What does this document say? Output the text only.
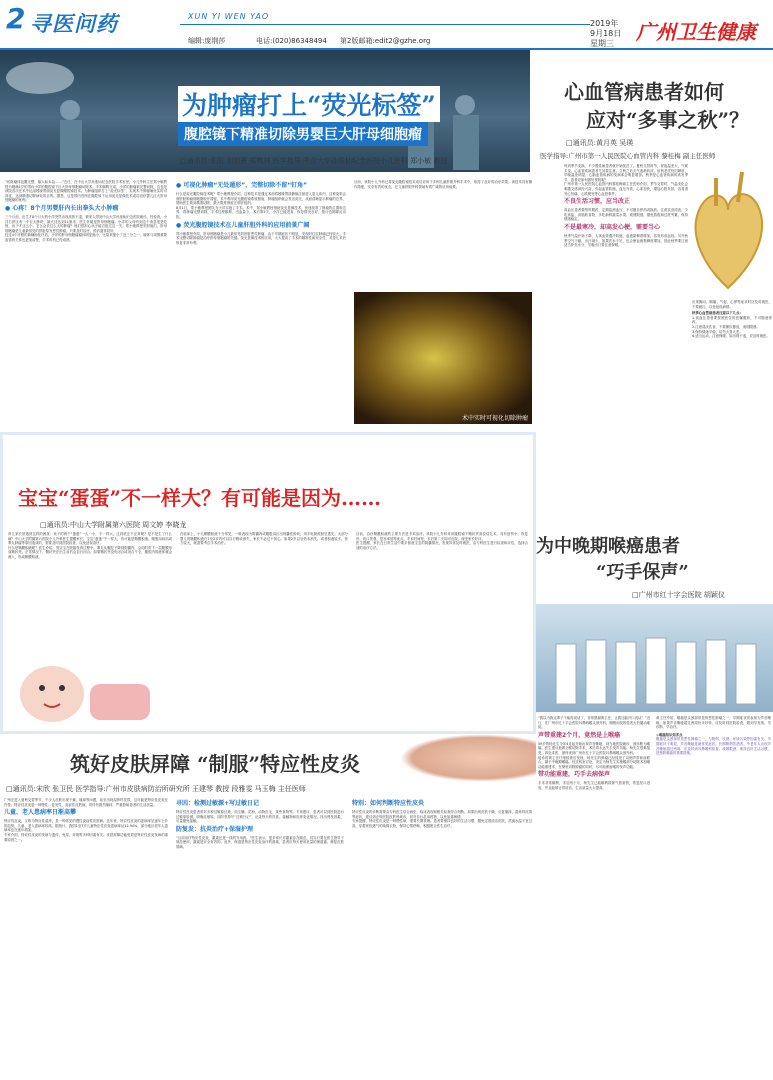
2 寻医问药	XUN YI WEN YAO
编辑:庞荆莎	电话:(020)86348494 第2版邮箱:edit2@gzhe.org
2019年
9月18日
星期三 广州卫生健康
为肿瘤打上“荧光标签”
腹腔镜下精准切除男婴巨大肝母细胞瘤
□通讯员:张阳 刘娟蕙 郑隽林 医学指导:中山大学孙逸仙纪念医院小儿外科 郑小敏 教授
“切除瘤体包膜完整，输入标本袋……”近日，在中山大学孙逸仙纪念医院手术室里，小儿外科主任郑小敏教授为刚满1岁的男孩小洋的腹腔镜下巨大肝母细胞瘤切除术。手术顺利完成，小洋的肿瘤被完整切除，这也是该院首次在术中运用吲哚菁绿荧光显像腹腔镜技术。为肿瘤组织打上“荧光标签”，实现术中肿瘤病灶实时可视化，达到精准切除病灶的目的。据悉，这是国内首例在腹腔镜下运用荧光显像技术成功治疗婴儿巨大肝母细胞瘤的案例。
● 心疼！8个月男婴肝内长出拳头大小肿瘤
三个月前，出生才8个月大的小洋突然出现高热不退，被家人带到中山大学孙逸仙纪念医院就诊。经检查，小洋右肝区有一个巨大肿块，最大径达到11厘米，医生怀疑是肝母细胞瘤。小洋的父母听到这个消息很是吃惊，孩子才这么小，怎么会长这么大的肿瘤？他们很担心孩子能否挺过这一关。郑小敏教授安慰他们，肝母细胞瘤是儿童最常见的肝脏原发恶性肿瘤，只要及时治疗，预后通常较好。
经过4个疗程的新辅助化疗后，小洋的肝母细胞瘤瘤体明显缩小，比原来缩小了近三分之一，瘤体与周围重要血管的关系也更加清楚，手术时机已经成熟。
● 可视化肿瘤“无处遁形”，完整切除不留“钉角”
什么是荧光腹腔镜技术呢？郑小敏教授介绍，这种技术是通过术前将吲哚菁绿静脉注射进入患儿体内，这种染料会被肝脏肿瘤细胞摄取并滞留，术中利用荧光腹腔镜系统照射，肿瘤组织就会发出荧光，从而清晰显示肿瘤的边界，帮助医生做到精准切除，最大限度保留正常肝组织。
8月1日，郑小敏教授团队为小洋实施了手术。术中，郑小敏教授借助荧光显像技术，快速找准了肿瘤的位置和边界，将肿瘤完整切除，手术过程顺利，出血量少。术后第5天，小洋已能进食，恢复情况良好，预计近期即可出院。
● 荧光腹腔镜技术在儿童肝胆外科的应用前景广阔
郑小敏教授介绍，肝母细胞瘤是小儿最常见的肝脏恶性肿瘤，由于早期症状不明显，发现时往往肿瘤已经较大。手术完整切除肿瘤是治疗肝母细胞瘤的关键。荧光显像技术的应用，大大提高了手术的精准性和安全性，对患儿术后恢复非常有利。
目前，该院小儿外科已将荧光腹腔镜技术成功应用于多例儿童肝胆外科手术中，取得了良好的治疗效果。该技术具有操作简便、安全有效的优点，在儿童肝胆外科领域有着广阔的应用前景。
术中实时可视化切除肿瘤
心血管病患者如何
应对“多事之秋”？
□通讯员:黄月英 吴瑛
医学指导:广州市第一人民医院心血管内科 黎桂梅 副主任医师
每到季节变换，不少慢性病患者就开始忧虑了。夏秋交替时节，昼夜温差大，气候多变，心血管疾病患者尤其要注意。立秋之后天气逐渐转凉，但秋老虎仍旧肆虐，早晚温差明显，心脑血管疾病的发病率会明显增加。秋季是心血管疾病的高发季节，患者应如何做好预防呢？
广州市第一人民医院心血管内科黎桂梅副主任医师介绍，季节交替时，气温变化会刺激交感神经兴奋，引起血管收缩，血压升高，心率加快，增加心脏负担，容易诱发心绞痛、心肌梗死等心血管事件。
不良生活习惯，应当改正
高血压患者要按时服药，定期监测血压，不可擅自停药或换药。注意饮食清淡，少吃高盐、高脂肪食物，多吃新鲜蔬菜水果。戒烟限酒，避免熬夜和过度劳累，保持情绪稳定。
不是最寒冷，却高发心梗，需要当心
秋季气温开始下降，人体血管遇冷收缩，血液黏稠度增加，容易形成血栓。另外秋季空气干燥，出汗减少，如果饮水不足，也会使血液黏稠度增加。因此秋季要注意适当补充水分，早晚出门要注意保暖。
出现胸闷、胸痛、气促、心悸等症状时应及时就医，不要硬扛，以免延误病情。
秋季心血管病患者注意以下几点:
1.高血压患者要按照医生的医嘱服药，不可随意停药。
2.注意清淡饮食，不要暴饮暴食，戒烟限酒。
3.保持情绪平稳，切勿大喜大悲。
4.适当运动，注意保暖，如出现不适，应及时就医。
宝宝“蛋蛋”不一样大？有可能是因为……
□通讯员:中山大学附属第六医院 周文婷 李晓龙
育儿家长常遇到这样的困扰：孩子的两个“蛋蛋”一大一小，不一样大。这到底正不正常呢？是不是生了什么病？中山大学附属第六医院小儿外科医生提醒家长，宝宝“蛋蛋”不一样大，有可能是鞘膜积液、腹股沟斜疝或睾丸肿瘤等原因造成的，需要及时到医院检查，以免延误治疗。
什么是鞘膜积液呢？医生介绍，男宝宝在胚胎发育过程中，睾丸从腹腔下降到阴囊内，会同时带下一层腹膜形成鞘状突。正常情况下，鞘状突在出生前后会自行闭合。如果鞘状突没有闭合或闭合不全，腹腔内的液体就会流入，形成鞘膜积液。
在临床上，小儿鞘膜积液十分常见，一般表现为阴囊内或腹股沟区出现囊性肿块，用手电筒照射呈透光。大部分婴儿的鞘膜积液在1至2岁内可以自行吸收消失，家长不必过于担心。如果2岁以后仍未消失，或者积液较多、张力较大，就需要考虑手术治疗。
目前，治疗鞘膜积液的主要方法是手术治疗。该院小儿外科采用腹腔镜下鞘状突高位结扎术，具有创伤小、恢复快、切口美观、复发率低等优点，手术时间短，术后第二天即可出院，深受家长好评。
医生提醒，家长在日常生活中要多留意宝宝的阴囊情况，发现异常及时就医，由专科医生进行检查和评估，选择合适的治疗方法。	为中晚期喉癌患者
“巧手保声”
□广州市红十字会医院 胡颖仪
“我以为我这辈子不能再说话了，非常感谢黄主任，让我还能开口说话！”近日，在广州市红十字会医院耳鼻咽喉头颈外科，刚刚出院的患者大伯激动地说。
声带重建2个月，竟然是上喉癌
59岁的杨先生今年4月起开始出现声音嘶哑，到当地医院就诊，被诊断为喉癌。医生建议他做全喉切除手术，术后将永远失去发声功能。杨先生很难接受，四处求医，最终来到广州市红十字会医院耳鼻咽喉头颈外科。
接诊的黄主任仔细检查后发现，杨先生的肿瘤已经侵犯了双侧声带和前联合，属于中晚期喉癌。经过科室讨论，决定为杨先生实施喉部分切除术加喉功能重建术，在彻底切除肿瘤的同时，尽可能保留喉的发声功能。
带功能重建，巧手去病保声
手术非常顺利，术后两个月，杨先生已能顺利拔除气管套管，恢复经口进食，并且能够正常说话，生活质量大大提高。
黄主任介绍，喉癌是头颈部常见的恶性肿瘤之一，早期症状常表现为声音嘶哑。如果声音嘶哑超过两周仍未好转，应及时到医院检查，做到早发现、早诊断、早治疗。
◎喉癌知识知多点
喉癌是头颈部常见恶性肿瘤之一，与吸烟、饮酒、环境污染等因素有关。早期症状不明显，声音嘶哑是最常见症状。长期吸烟饮酒者、中老年人出现声音嘶哑超过两周，应及时到耳鼻喉科检查。戒烟限酒、保持良好生活习惯，是预防喉癌的重要措施。
筑好皮肤屏障 “制服”特应性皮炎
□通讯员:宋欣 张卫民 医学指导:广州市皮肤病防治所研究所 王建琴 教授 段雅雯 马玉梅 主任医师
广州正进入夏秋交替季节，不少人皮肤出现干燥、瘙痒等问题，甚至出现湿疹样皮损，这可能是特应性皮炎在作怪。特应性皮炎是一种慢性、复发性、炎症性皮肤病，常伴有剧烈瘙痒，严重影响患者的生活质量。
儿童、老人患病率日渐高攀
特应性皮炎，又称为特应性湿疹，是一种常见的慢性炎症性皮肤病。近年来，特应性皮炎的患病率呈逐年上升的趋势，儿童、老人患病率较高。据统计，我国1至7岁儿童特应性皮炎患病率达12.94%，部分地区老年人患病率也在逐年增加。
专家介绍，特应性皮炎的发病与遗传、免疫、环境等多种因素有关。皮肤屏障功能受损是特应性皮炎发病的重要原因之一。
寻因：检测过敏源+写过敏日记
特应性皮炎患者常对多种过敏原过敏，如尘螨、花粉、动物皮毛、某些食物等。专家建议，患者可以到医院进行过敏原检测，明确过敏原，同时坚持写“过敏日记”，记录每天的饮食、接触物和皮疹变化情况，找出诱发因素，尽量避免接触。
防复发：抗炎治疗+保湿护理
“目前治疗特应性皮炎，激素还是一线的外用药。”医生表示，很多家长对激素存在顾虑，其实只要在医生指导下规范使用，激素是安全有效的。此外，保湿是特应性皮炎治疗的基础，患者应每天使用足量的保湿霜，修复皮肤屏障。
特别：如何判断特应性皮炎
特应性皮炎的诊断需要由专科医生结合病史、临床表现和相关检查综合判断。如果出现皮肤干燥、反复瘙痒、湿疹样皮损等症状，建议到正规医院皮肤科就诊，切勿自行乱用药物，以免加重病情。
专家提醒，特应性皮炎是一种慢性病，需要长期管理。患者要保持良好的生活习惯，避免过度清洁皮肤，洗澡水温不宜过高，穿着宽松透气的纯棉衣物，保持心情舒畅，积极配合医生治疗。
